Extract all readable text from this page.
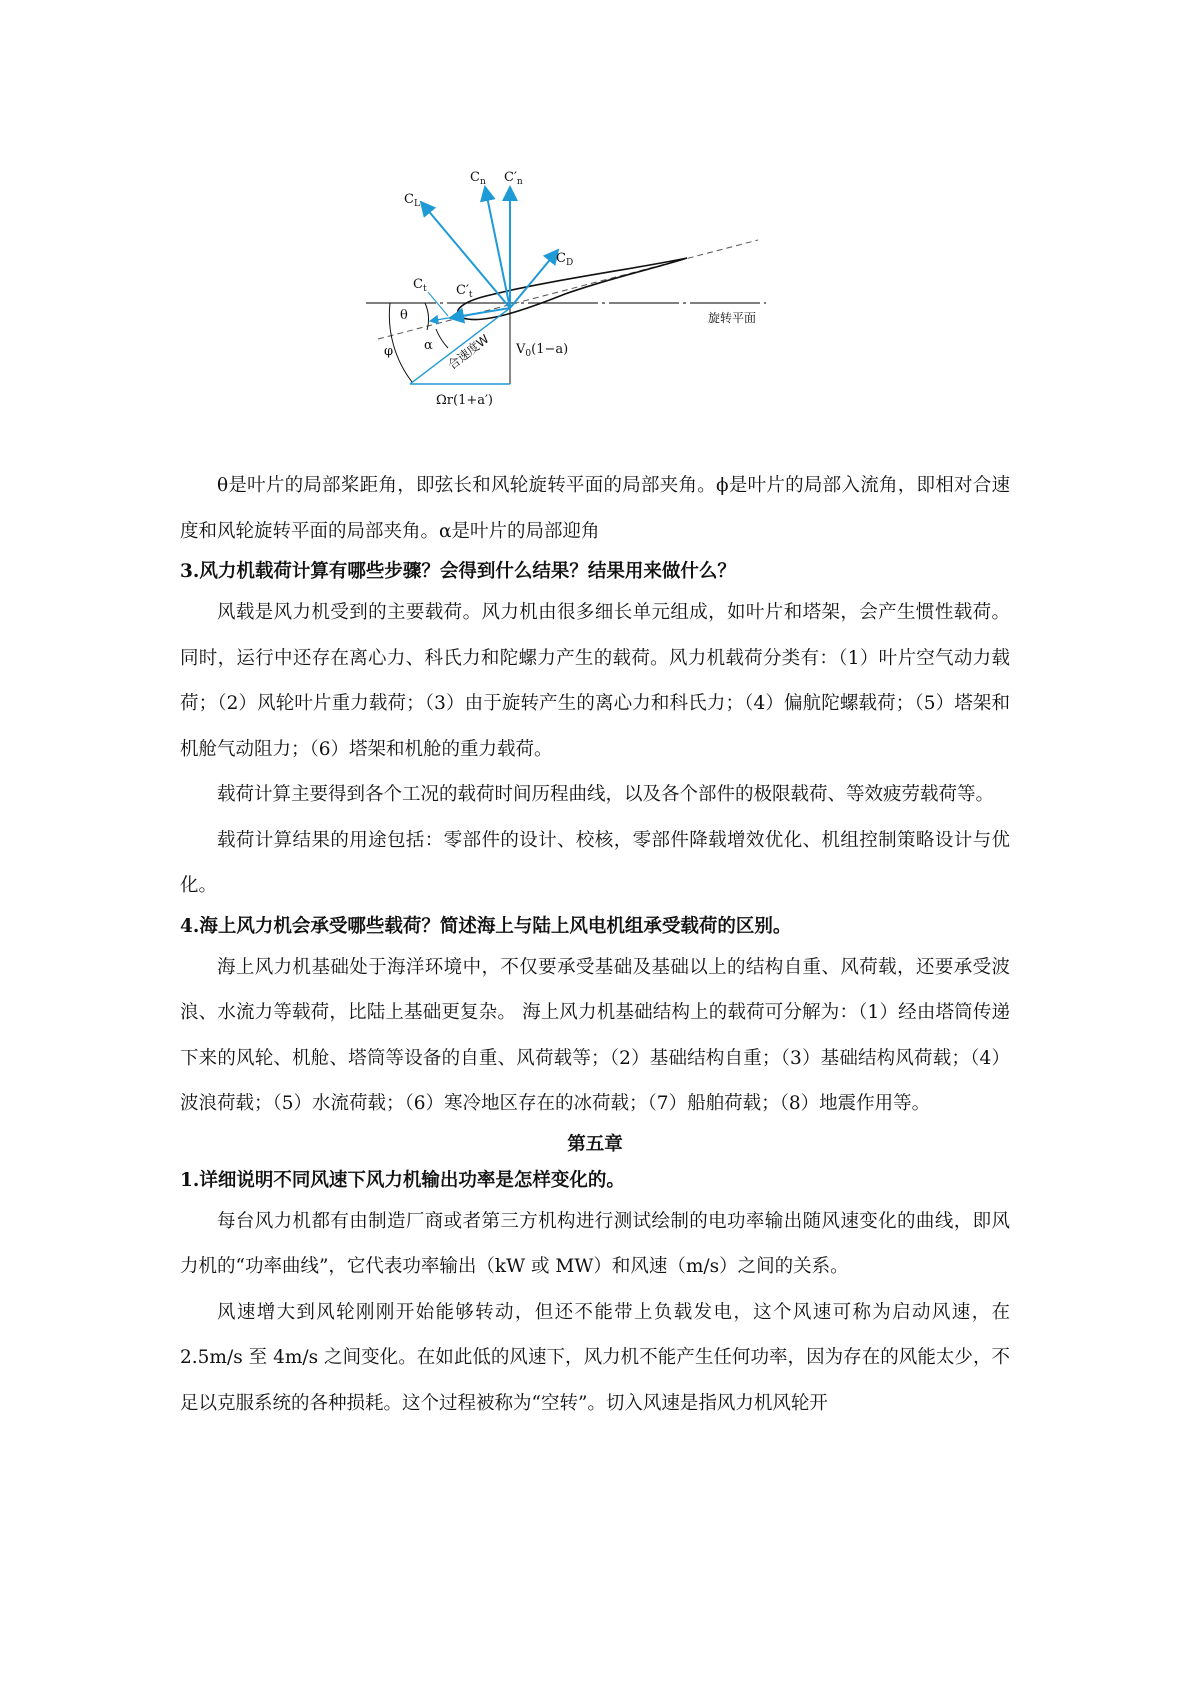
$C_L$
$C_n$ $C'_n$
$C_D$
$C_t$ $C'_t$
θ
α
φ	合速度W $V_0(1-a)$
Ωr(1+a′)
旋转平面

θ是叶片的局部桨距角，即弦长和风轮旋转平面的局部夹角。ϕ是叶片的局部入流角，即相对合速度和风轮旋转平面的局部夹角。α是叶片的局部迎角

3.风力机载荷计算有哪些步骤？会得到什么结果？结果用来做什么？

风载是风力机受到的主要载荷。风力机由很多细长单元组成，如叶片和塔架，会产生惯性载荷。同时，运行中还存在离心力、科氏力和陀螺力产生的载荷。风力机载荷分类有：（1）叶片空气动力载荷；（2）风轮叶片重力载荷；（3）由于旋转产生的离心力和科氏力；（4）偏航陀螺载荷；（5）塔架和机舱气动阻力；（6）塔架和机舱的重力载荷。

载荷计算主要得到各个工况的载荷时间历程曲线，以及各个部件的极限载荷、等效疲劳载荷等。

载荷计算结果的用途包括：零部件的设计、校核，零部件降载增效优化、机组控制策略设计与优化。

4.海上风力机会承受哪些载荷？简述海上与陆上风电机组承受载荷的区别。

海上风力机基础处于海洋环境中，不仅要承受基础及基础以上的结构自重、风荷载，还要承受波浪、水流力等载荷，比陆上基础更复杂。 海上风力机基础结构上的载荷可分解为：（1）经由塔筒传递下来的风轮、机舱、塔筒等设备的自重、风荷载等；（2）基础结构自重；（3）基础结构风荷载；（4）波浪荷载；（5）水流荷载；（6）寒冷地区存在的冰荷载；（7）船舶荷载；（8）地震作用等。

第五章

1.详细说明不同风速下风力机输出功率是怎样变化的。

每台风力机都有由制造厂商或者第三方机构进行测试绘制的电功率输出随风速变化的曲线，即风力机的“功率曲线”，它代表功率输出（kW 或 MW）和风速（m/s）之间的关系。

风速增大到风轮刚刚开始能够转动，但还不能带上负载发电，这个风速可称为启动风速，在 2.5m/s 至 4m/s 之间变化。在如此低的风速下，风力机不能产生任何功率，因为存在的风能太少，不足以克服系统的各种损耗。这个过程被称为“空转”。切入风速是指风力机风轮开
